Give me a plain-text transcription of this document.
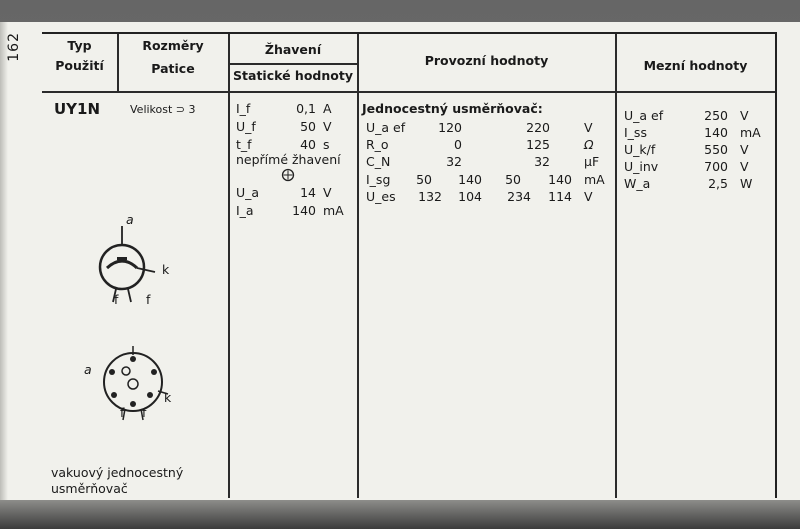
162	Typ
Použití
Rozměry
Patice
Žhavení
Statické hodnoty
Provozní hodnoty	Mezní hodnoty
UY1N	Velikost ⊃ 3
a
k
f f
a
k
f f
vakuový jednocestný
usměrňovač
I_f	0,1 A
U_f	50 V
t_f	40 s
nepřímé žhavení
U_a	14 V
I_a	140 mA
Jednocestný usměrňovač:
U_a ef	120	220	V
R_o	0	125	Ω
C_N	32	32	μF
I_sg	50	140	50	140 mA
U_es	132	104	234	114 V
U_a ef	250 V
I_ss	140 mA
U_k/f	550 V
U_inv	700 V
W_a	2,5 W
